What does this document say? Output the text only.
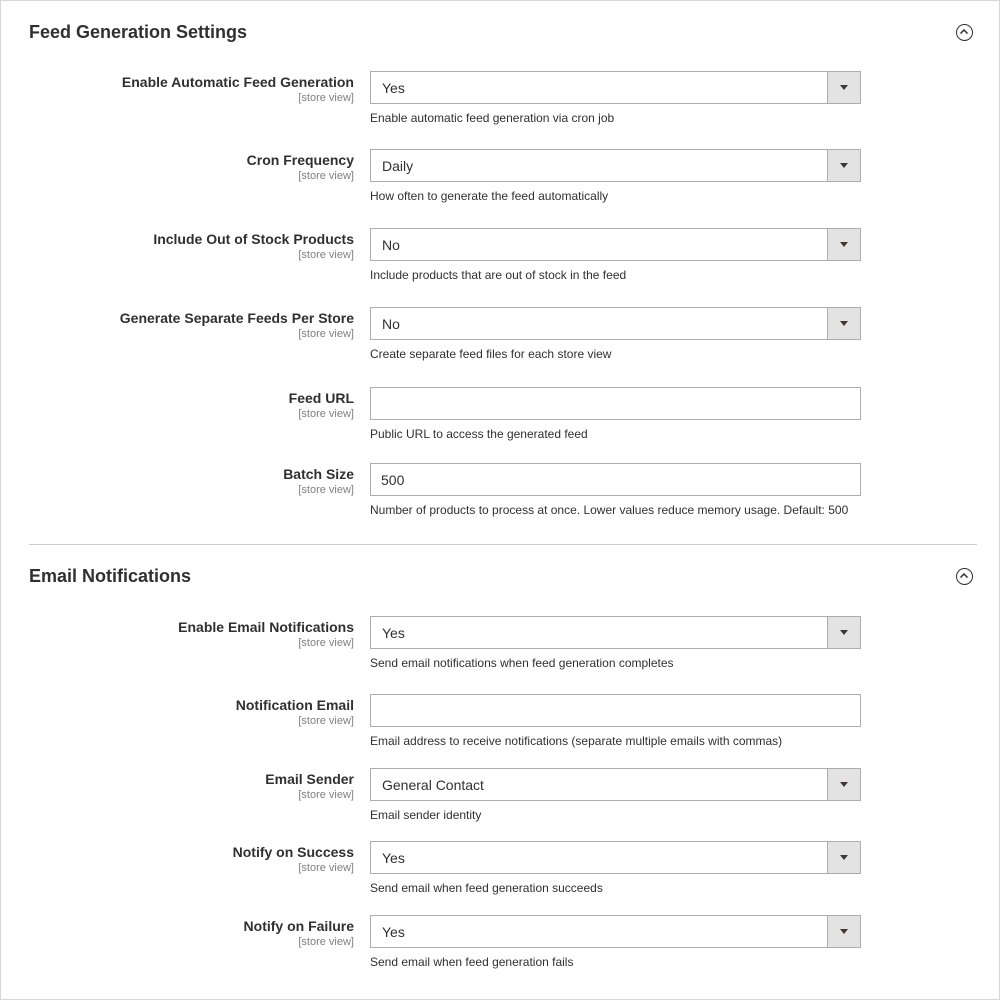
Feed Generation Settings
Enable Automatic Feed Generation
[store view]
Yes
Enable automatic feed generation via cron job
Cron Frequency
[store view]
Daily
How often to generate the feed automatically
Include Out of Stock Products
[store view]
No
Include products that are out of stock in the feed
Generate Separate Feeds Per Store
[store view]
No
Create separate feed files for each store view
Feed URL
[store view]
Public URL to access the generated feed
Batch Size
[store view]
500
Number of products to process at once. Lower values reduce memory usage. Default: 500
Email Notifications
Enable Email Notifications
[store view]
Yes
Send email notifications when feed generation completes
Notification Email
[store view]
Email address to receive notifications (separate multiple emails with commas)
Email Sender
[store view]
General Contact
Email sender identity
Notify on Success
[store view]
Yes
Send email when feed generation succeeds
Notify on Failure
[store view]
Yes
Send email when feed generation fails
